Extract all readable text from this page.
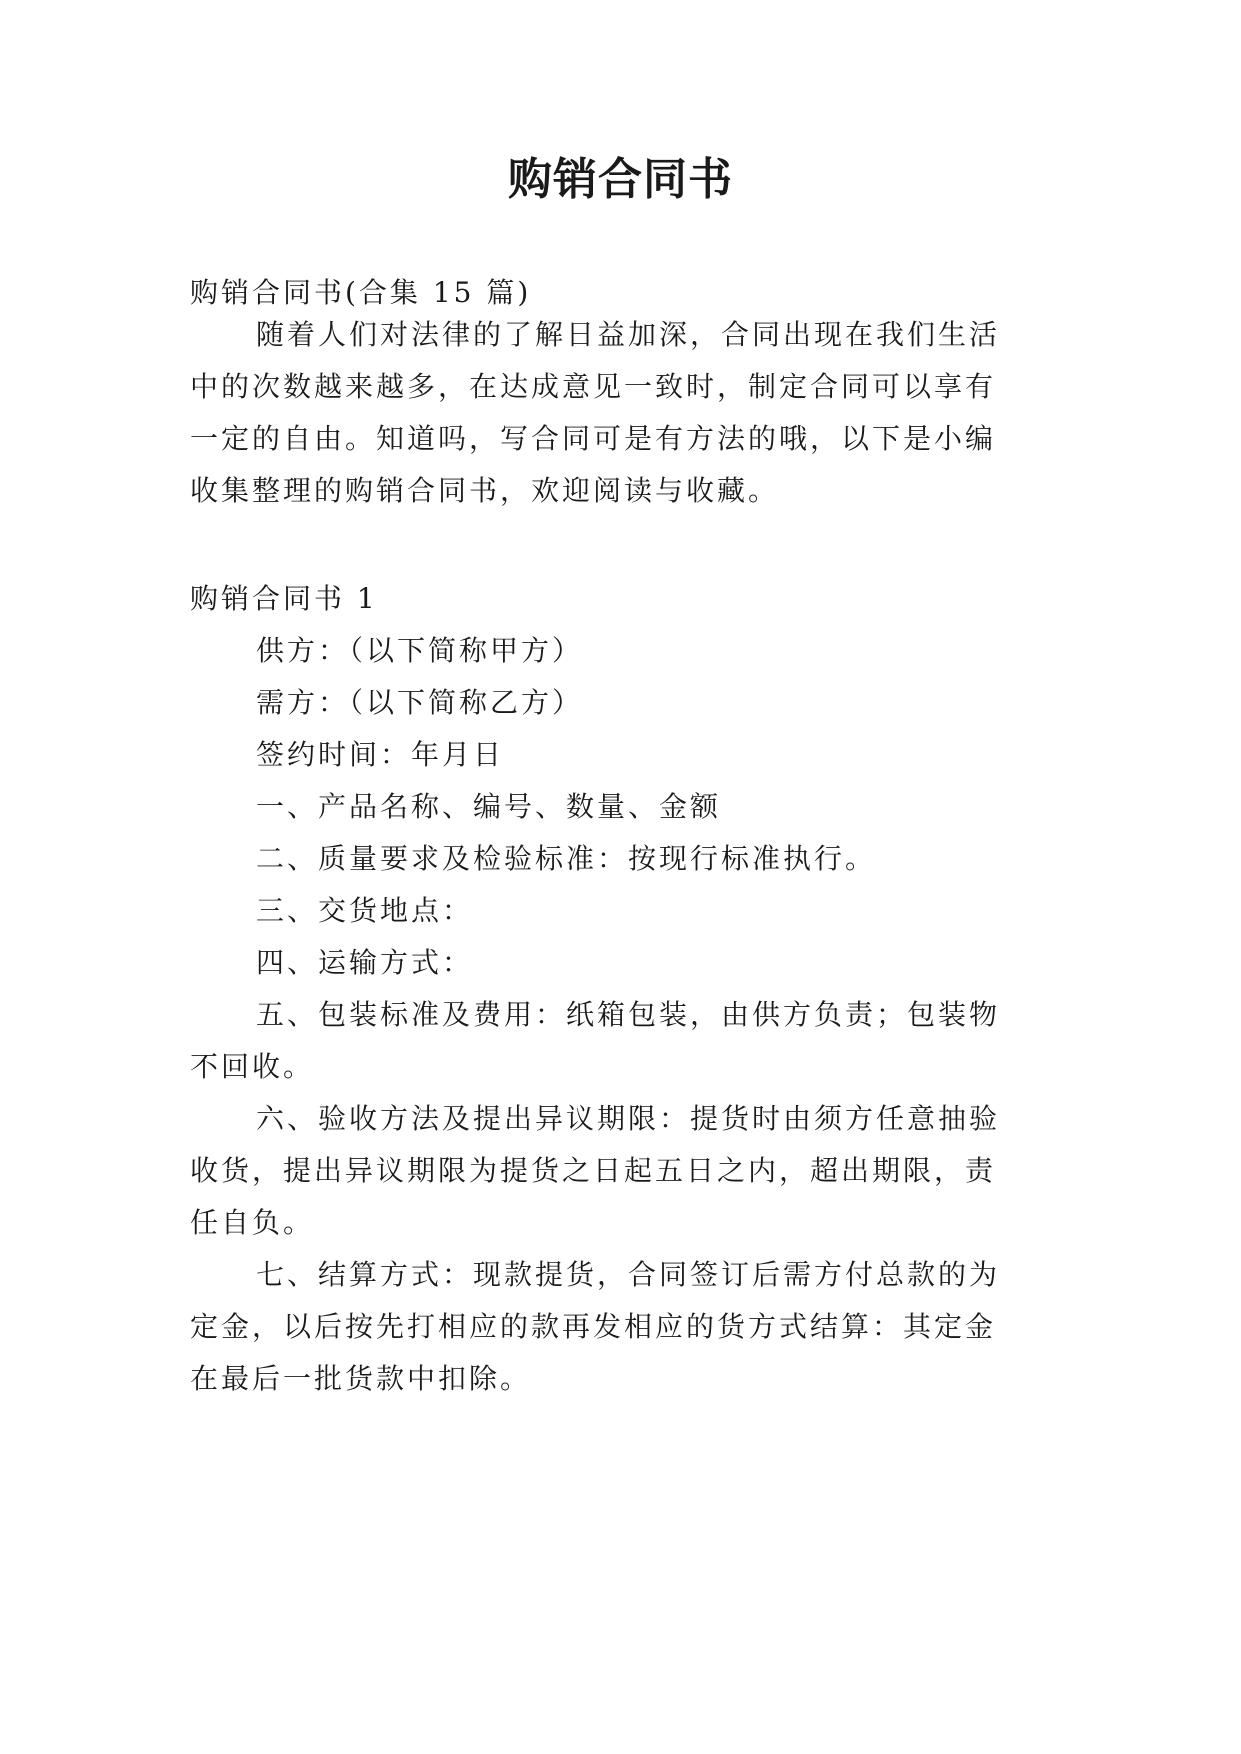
购销合同书
购销合同书(合集 15 篇)
随着人们对法律的了解日益加深，合同出现在我们生活
中的次数越来越多，在达成意见一致时，制定合同可以享有
一定的自由。知道吗，写合同可是有方法的哦，以下是小编
收集整理的购销合同书，欢迎阅读与收藏。
购销合同书 1
供方：（以下简称甲方）
需方：（以下简称乙方）
签约时间：年月日
一、产品名称、编号、数量、金额
二、质量要求及检验标准：按现行标准执行。
三、交货地点：
四、运输方式：
五、包装标准及费用：纸箱包装，由供方负责；包装物
不回收。
六、验收方法及提出异议期限：提货时由须方任意抽验
收货，提出异议期限为提货之日起五日之内，超出期限，责
任自负。
七、结算方式：现款提货，合同签订后需方付总款的为
定金，以后按先打相应的款再发相应的货方式结算：其定金
在最后一批货款中扣除。
